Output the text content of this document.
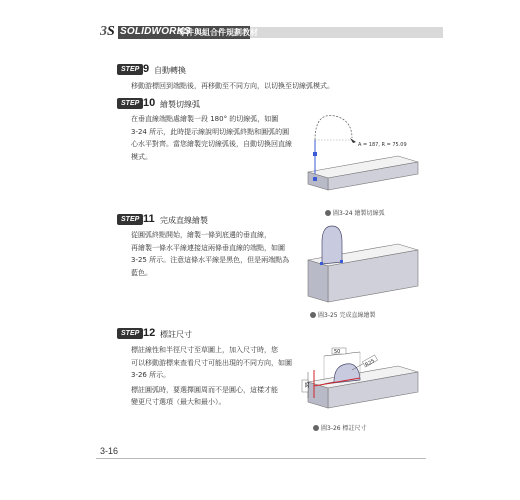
3 S SOLIDWORKS
零件與組合件規劃教材
STEP 9 自動轉換
移動游標回到端點後，再移動至不同方向，以切換至切線弧模式。
STEP 10 繪製切線弧
在垂直線端點處繪製一段 180° 的切線弧，如圖
3-24 所示，此時提示線說明切線弧終點和圓弧的圓
心水平對齊。當您繪製完切線弧後，自動切換回直線
模式。
A = 187, R = 75.09
圖3-24 繪製切線弧
STEP 11 完成直線繪製
從圓弧終點開始，繪製一條到底邊的垂直線，
再繪製一條水平線連接這兩條垂直線的端點，如圖
3-25 所示。注意這條水平線是黑色，但是兩端點為
藍色。
圖3-25 完成直線繪製
STEP 12 標註尺寸
標註線性和半徑尺寸至草圖上，加入尺寸時，您
可以移動游標來查看尺寸可能出現的不同方向，如圖
3-26 所示。
標註圓弧時，要選擇圓周而不是圓心，這樣才能
變更尺寸選項（最大和最小）。
50
R25
35
圖3-26 標註尺寸
3-16
